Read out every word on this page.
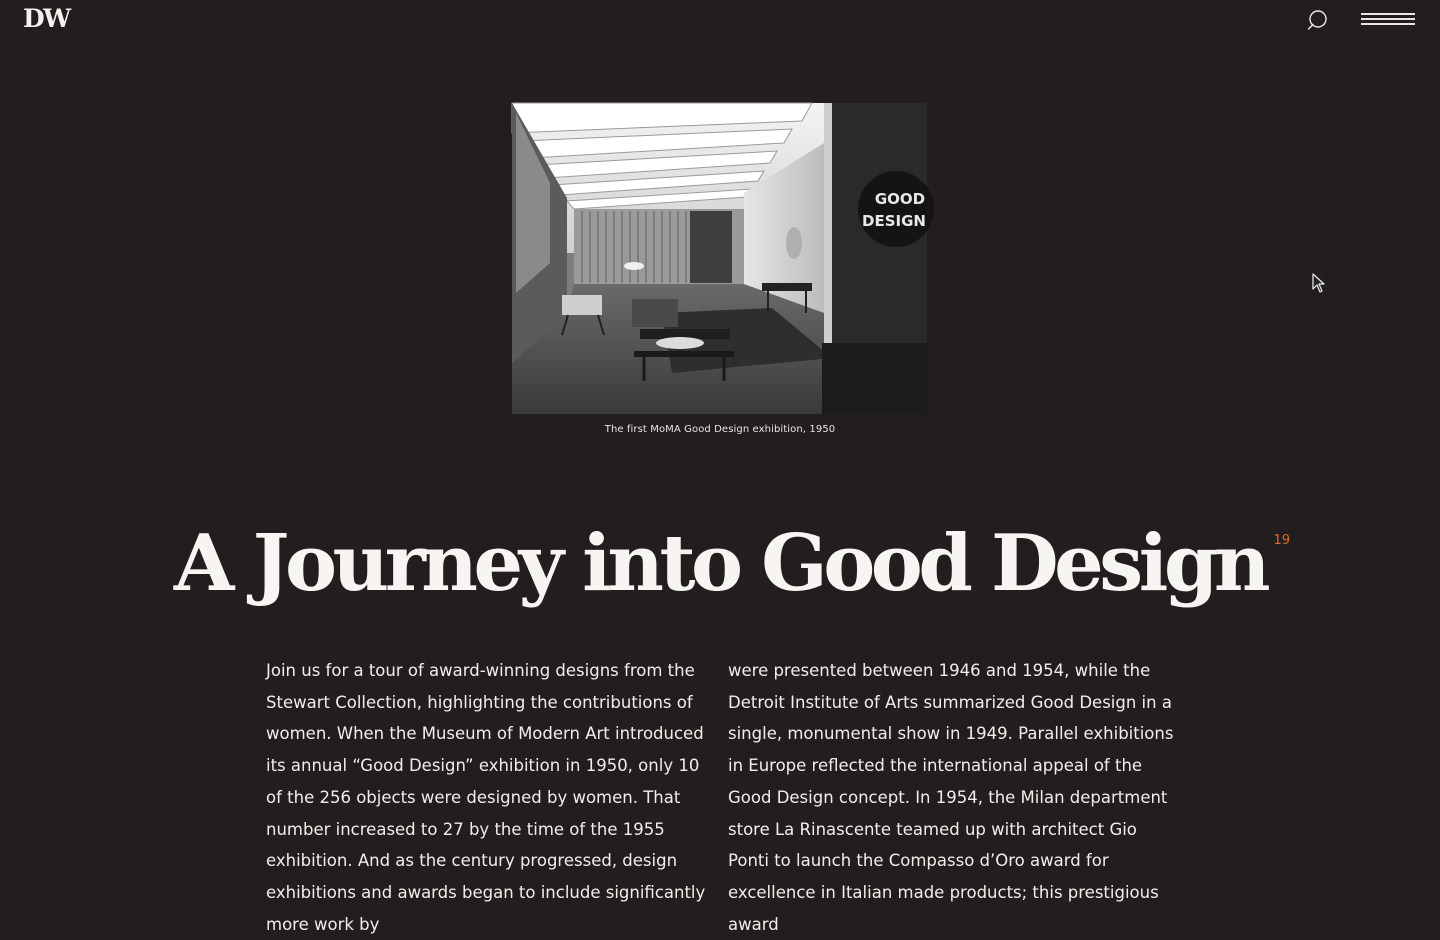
DW
GOOD
DESIGN
The first MoMA Good Design exhibition, 1950
A Journey into Good Design 19

Join us for a tour of award-winning designs from the Stewart Collection, highlighting the contributions of women. When the Museum of Modern Art introduced its annual “Good Design” exhibition in 1950, only 10 of the 256 objects were designed by women. That number increased to 27 by the time of the 1955 exhibition. And as the century progressed, design exhibitions and awards began to include significantly more work by

were presented between 1946 and 1954, while the Detroit Institute of Arts summarized Good Design in a single, monumental show in 1949. Parallel exhibitions in Europe reflected the international appeal of the Good Design concept. In 1954, the Milan department store La Rinascente teamed up with architect Gio Ponti to launch the Compasso d’Oro award for excellence in Italian made products; this prestigious award
